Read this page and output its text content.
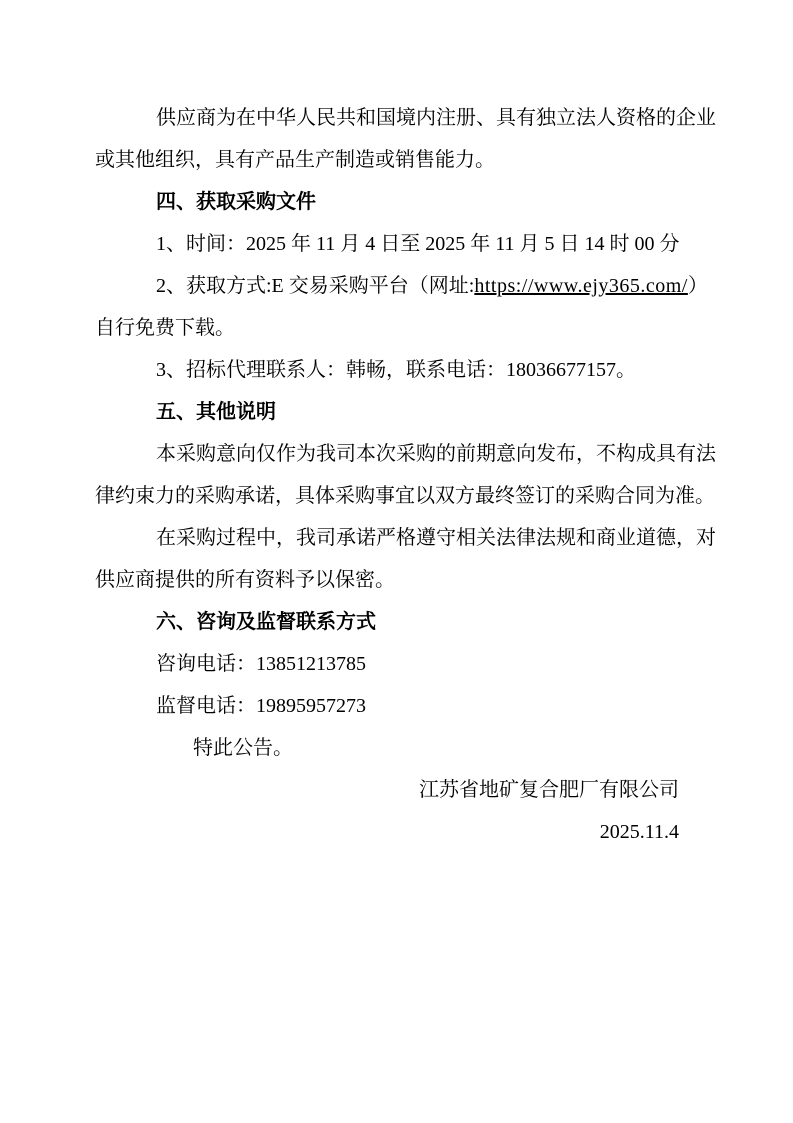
供应商为在中华人民共和国境内注册、具有独立法人资格的企业

或其他组织，具有产品生产制造或销售能力。

四、获取采购文件

1、时间：2025 年 11 月 4 日至 2025 年 11 月 5 日 14 时 00 分

2、获取方式:E 交易采购平台（网址:https://www.ejy365.com/）

自行免费下载。

3、招标代理联系人：韩畅，联系电话：18036677157。

五、其他说明

本采购意向仅作为我司本次采购的前期意向发布，不构成具有法

律约束力的采购承诺，具体采购事宜以双方最终签订的采购合同为准。

在采购过程中，我司承诺严格遵守相关法律法规和商业道德，对

供应商提供的所有资料予以保密。

六、咨询及监督联系方式

咨询电话：13851213785

监督电话：19895957273

特此公告。

江苏省地矿复合肥厂有限公司

2025.11.4
